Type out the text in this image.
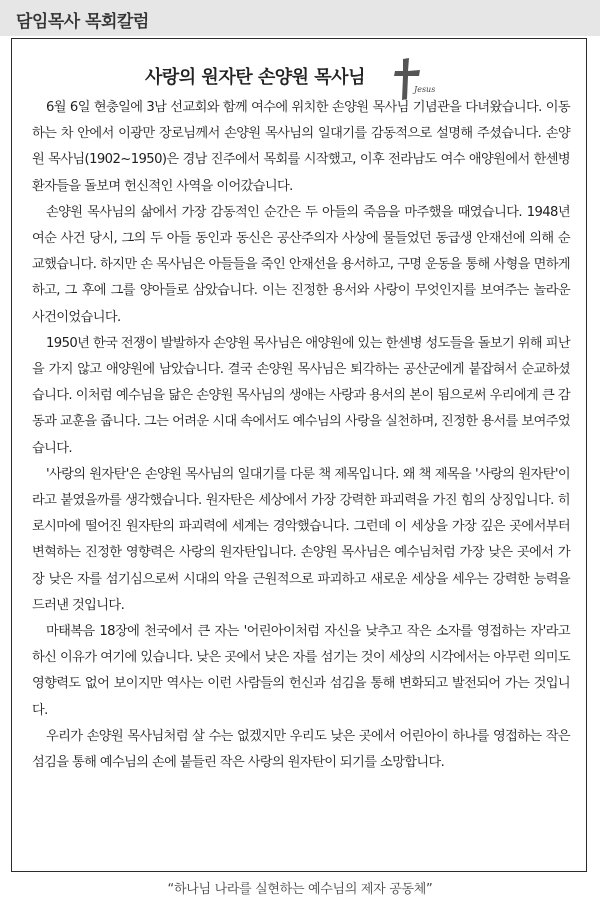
담임목사 목회칼럼
사랑의 원자탄 손양원 목사님
Jesus

6월 6일 현충일에 3남 선교회와 함께 여수에 위치한 손양원 목사님 기념관을 다녀왔습니다. 이동하는 차 안에서 이광만 장로님께서 손양원 목사님의 일대기를 감동적으로 설명해 주셨습니다. 손양원 목사님(1902~1950)은 경남 진주에서 목회를 시작했고, 이후 전라남도 여수 애양원에서 한센병 환자들을 돌보며 헌신적인 사역을 이어갔습니다.

손양원 목사님의 삶에서 가장 감동적인 순간은 두 아들의 죽음을 마주했을 때였습니다. 1948년 여순 사건 당시, 그의 두 아들 동인과 동신은 공산주의자 사상에 물들었던 동급생 안재선에 의해 순교했습니다. 하지만 손 목사님은 아들들을 죽인 안재선을 용서하고, 구명 운동을 통해 사형을 면하게 하고, 그 후에 그를 양아들로 삼았습니다. 이는 진정한 용서와 사랑이 무엇인지를 보여주는 놀라운 사건이었습니다.

1950년 한국 전쟁이 발발하자 손양원 목사님은 애양원에 있는 한센병 성도들을 돌보기 위해 피난을 가지 않고 애양원에 남았습니다. 결국 손양원 목사님은 퇴각하는 공산군에게 붙잡혀서 순교하셨습니다. 이처럼 예수님을 닮은 손양원 목사님의 생애는 사랑과 용서의 본이 됨으로써 우리에게 큰 감동과 교훈을 줍니다. 그는 어려운 시대 속에서도 예수님의 사랑을 실천하며, 진정한 용서를 보여주었습니다.

'사랑의 원자탄'은 손양원 목사님의 일대기를 다룬 책 제목입니다. 왜 책 제목을 '사랑의 원자탄'이라고 붙였을까를 생각했습니다. 원자탄은 세상에서 가장 강력한 파괴력을 가진 힘의 상징입니다. 히로시마에 떨어진 원자탄의 파괴력에 세계는 경악했습니다. 그런데 이 세상을 가장 깊은 곳에서부터 변혁하는 진정한 영향력은 사랑의 원자탄입니다. 손양원 목사님은 예수님처럼 가장 낮은 곳에서 가장 낮은 자를 섬기심으로써 시대의 악을 근원적으로 파괴하고 새로운 세상을 세우는 강력한 능력을 드러낸 것입니다.

마태복음 18장에 천국에서 큰 자는 '어린아이처럼 자신을 낮추고 작은 소자를 영접하는 자'라고 하신 이유가 여기에 있습니다. 낮은 곳에서 낮은 자를 섬기는 것이 세상의 시각에서는 아무런 의미도 영향력도 없어 보이지만 역사는 이런 사람들의 헌신과 섬김을 통해 변화되고 발전되어 가는 것입니다.

우리가 손양원 목사님처럼 살 수는 없겠지만 우리도 낮은 곳에서 어린아이 하나를 영접하는 작은 섬김을 통해 예수님의 손에 붙들린 작은 사랑의 원자탄이 되기를 소망합니다.

“하나님 나라를 실현하는 예수님의 제자 공동체”
